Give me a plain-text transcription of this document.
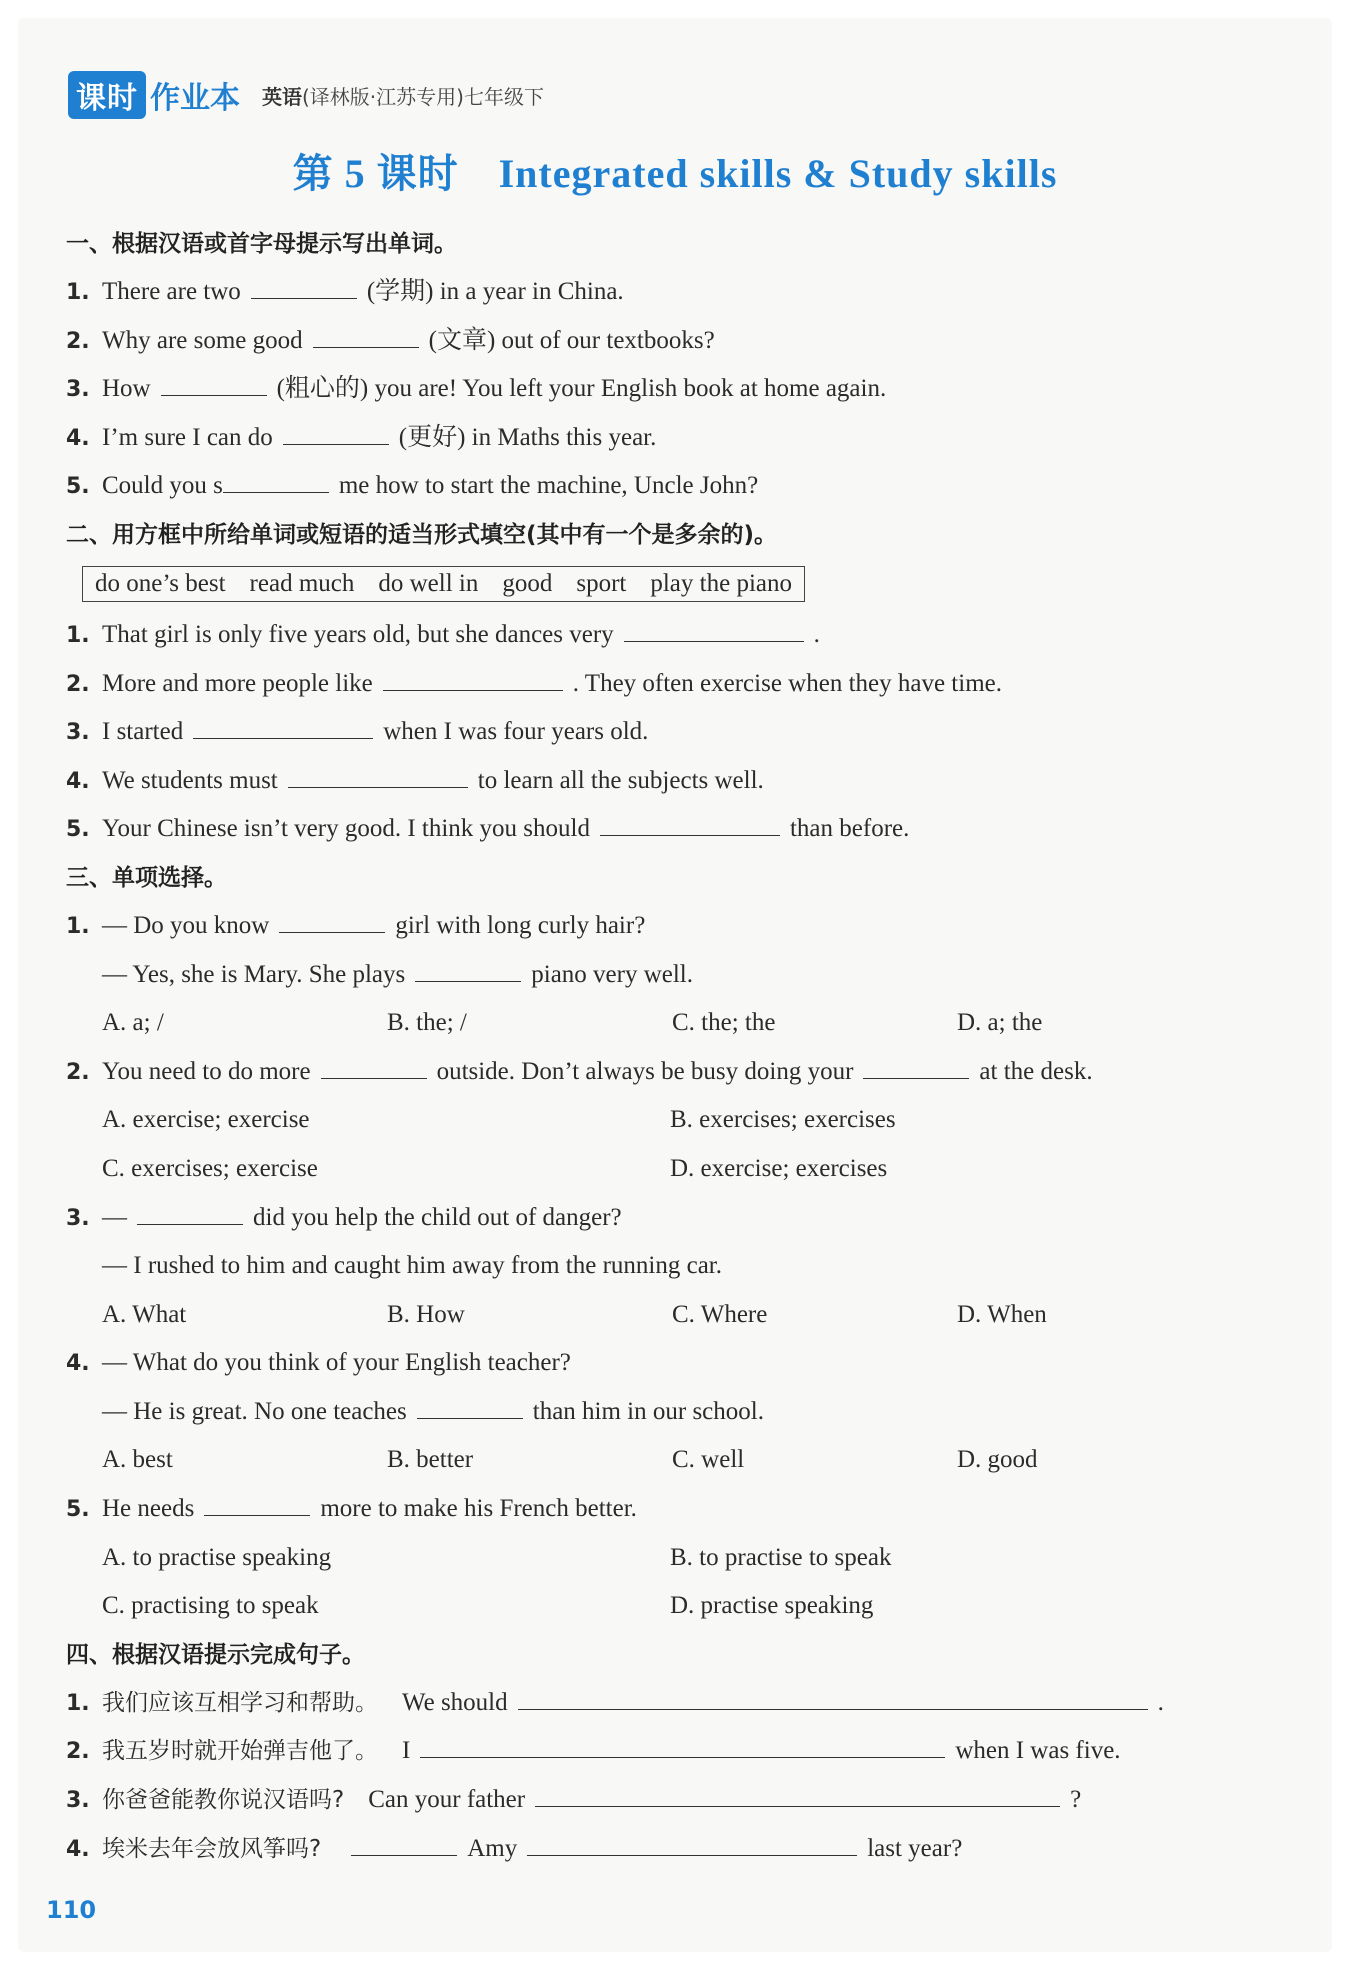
课时 作业本 英语(译林版·江苏专用)七年级下
第 5 课时 Integrated skills & Study skills
一、根据汉语或首字母提示写出单词。
1. There are two	(学期) in a year in China.
2. Why are some good	(文章) out of our textbooks?
3. How	(粗心的) you are! You left your English book at home again.
4. I’m sure I can do	(更好) in Maths this year.
5. Could you s	me how to start the machine, Uncle John?
二、用方框中所给单词或短语的适当形式填空(其中有一个是多余的)。
do one’s best read much do well in good sport play the piano
1. That girl is only five years old, but she dances very	.
2. More and more people like	. They often exercise when they have time.
3. I started	when I was four years old.
4. We students must	to learn all the subjects well.
5. Your Chinese isn’t very good. I think you should	than before.
三、单项选择。
1. — Do you know	girl with long curly hair?
— Yes, she is Mary. She plays	piano very well.
A. a; /	B. the; /	C. the; the	D. a; the
2. You need to do more	outside. Don’t always be busy doing your	at the desk.
A. exercise; exercise	B. exercises; exercises
C. exercises; exercise	D. exercise; exercises
3. —	did you help the child out of danger?
— I rushed to him and caught him away from the running car.
A. What	B. How	C. Where	D. When
4. — What do you think of your English teacher?
— He is great. No one teaches	than him in our school.
A. best	B. better	C. well	D. good
5. He needs	more to make his French better.
A. to practise speaking	B. to practise to speak
C. practising to speak	D. practise speaking
四、根据汉语提示完成句子。
1. 我们应该互相学习和帮助。 We should	.
2. 我五岁时就开始弹吉他了。 I	when I was five.
3. 你爸爸能教你说汉语吗? Can your father	?
4. 埃米去年会放风筝吗?	Amy	last year?
110
